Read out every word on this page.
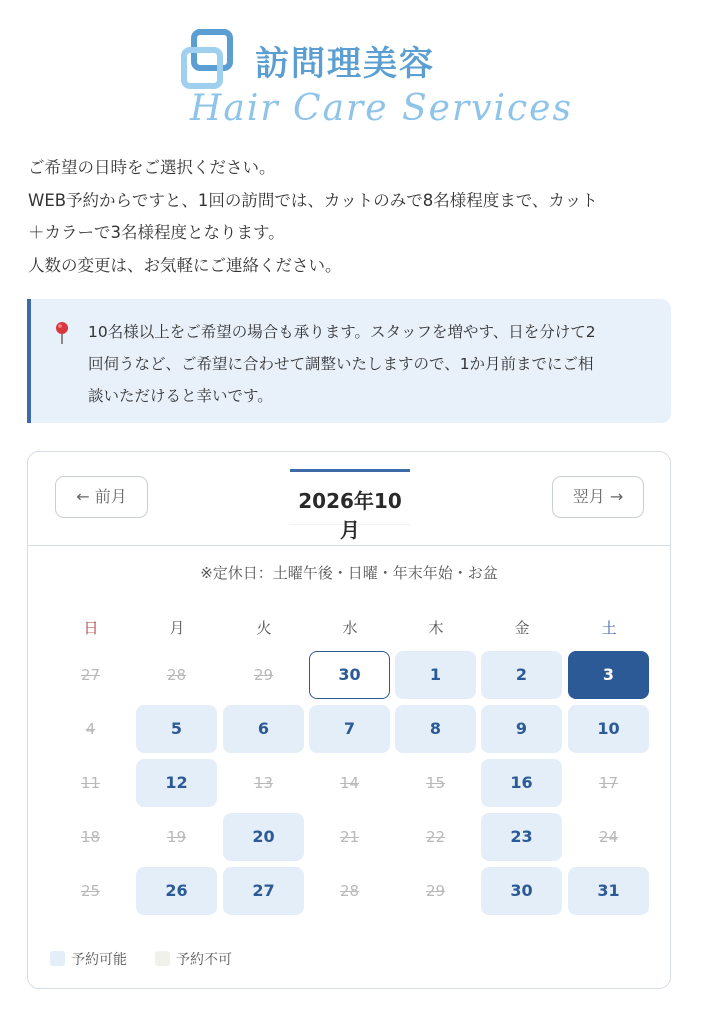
訪問理美容
Hair Care Services
ご希望の日時をご選択ください。
WEB予約からですと、1回の訪問では、カットのみで8名様程度まで、カット
＋カラーで3名様程度となります。
人数の変更は、お気軽にご連絡ください。
10名様以上をご希望の場合も承ります。スタッフを増やす、日を分けて2
回伺うなど、ご希望に合わせて調整いたしますので、1か月前までにご相
談いただけると幸いです。
← 前月	2026年10月
翌月 →
※定休日：土曜午後・日曜・年末年始・お盆
日	月	火	水	木	金	土
27	28	29	30	1	2	3
4	5	6	7	8	9	10
11	12	13	14	15	16	17
18	19	20	21	22	23	24
25	26	27	28	29	30	31
予約可能	予約不可
